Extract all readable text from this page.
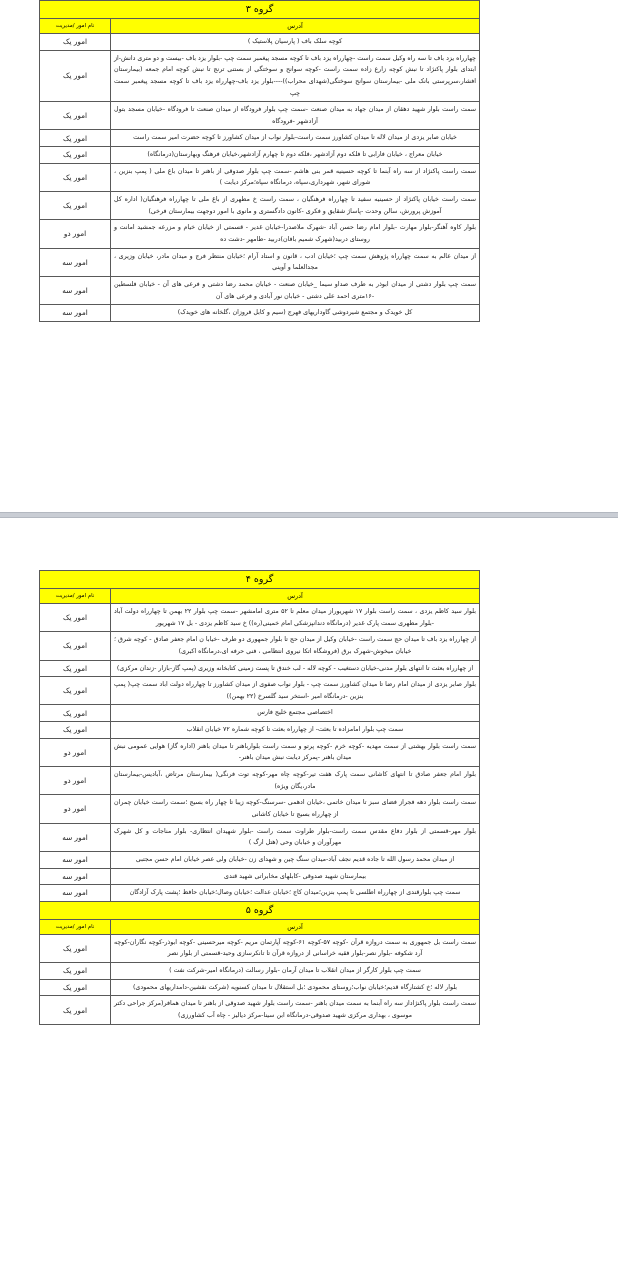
گروه ۳	
آدرس	نام امور /مدیریت
کوچه سلک باف ( پارسیان پلاستیک )	امور یک
چهارراه یزد باف تا سه راه وکیل سمت راست -چهارراه یزد باف تا کوچه مسجد پیغمبر سمت چپ -بلوار یزد باف -بیست و دو متری دانش-از ابتدای بلوار پاکنژاد تا نبش کوچه زارع زاده سمت راست -کوچه سوانح و سوختگی از بستنی ترنج تا نبش کوچه امام جمعه (بیمارستان افشار،سرپرستی بانک ملی -بیمارستان سوانح سوختگی(شهدای محراب))----بلوار یزد باف-چهارراه یزد باف تا کوچه مسجد پیغمبر سمت چپ	امور یک
سمت راست بلوار شهید دهقان از میدان جهاد به میدان صنعت -سمت چپ بلوار فرودگاه از میدان صنعت تا فرودگاه -خیابان مسجد بتول آزادشهر -فرودگاه	امور یک
خیابان صابر یزدی از میدان لاله تا میدان کشاورز سمت راست-بلوار نواب از میدان کشاورز تا کوچه حضرت امیر سمت راست	امور یک
خیابان معراج ، خیابان فارابی تا فلکه دوم آزادشهر ،فلکه دوم تا چهارم آزادشهر،خیابان فرهنگ وبهارستان(درمانگاه)	امور یک
سمت راست پاکنژاد از سه راه آبنما تا کوچه حسینیه قمر بنی هاشم -سمت چپ بلوار صدوقی از باهنر تا میدان باغ ملی ( پمپ بنزین ، شورای شهر، شهرداری،سپاه، درمانگاه سپاه؛مرکز دیابت )	امور یک
سمت راست خیابان پاکنژاد از حسینیه سفید تا چهارراه فرهنگیان ، سمت راست خ مطهری از باغ ملی تا چهارراه فرهنگیان( اداره کل آموزش پرورش، سالن وحدت -پاساژ شقایق و فکری -کانون دادگستری و مانوی با امور دوجهت بیمارستان فرخی)	امور یک
بلوار کاوه آهنگر-بلوار مهارت -بلوار امام رضا حسن آباد -شهرک ملاصدرا-خیابان غدیر - قسمتی از خیابان خیام و مزرعه جمشید امانت و روستای دربید(شهرک شمیم بافان)دربید -طامهر -دشت ده	امور دو
از میدان عالم به سمت چهارراه پژوهش سمت چپ ؛خیابان ادب ، قانون و استاد آرام ؛خیابان منتظر فرج و میدان مادر، خیابان وزیری ، مجدالعلما و آوینی	امور سه
سمت چپ بلوار دشتی از میدان ابوذر به طرف صداو سیما _خیابان صنعت - خیابان محمد رضا دشتی و فرعی های آن - خیابان فلسطین -۱۶متری احمد علی دشتی - خیابان نور آبادی و فرعی های آن	امور سه
کل خویدک و مجتمع شیردوشی گاوداریهای فهرج (سیم و کابل فروزان ،گلخانه های خویدک)	امور سه
گروه ۴	
آدرس	نام امور /مدیریت
بلوار سید کاظم یزدی ، سمت راست بلوار ۱۷ شهریوراز میدان معلم تا ۵۲ متری امامشهر -سمت چپ بلوار ۲۲ بهمن تا چهارراه دولت آباد -بلوار مطهری سمت پارک غدیر (درمانگاه دندانپزشکی امام خمینی(ره)) خ سید کاظم یزدی - بل ۱۷ شهریور	امور یک
از چهارراه یزد باف تا میدان حج سمت راست -خیابان وکیل از میدان حج تا بلوار جمهوری دو طرف -خیابا ن امام جعفر صادق - کوچه شرق ؛خیابان میخوش-شهرک برق (فروشگاه اتکا نیروی انتظامی ، فنی حرفه ای،درمانگاه اکبری)	امور یک
از چهارراه بعثت تا انتهای بلوار مدنی-خیابان دستغیب - کوچه لاله - لب خندق تا پست زمینی کتابخانه وزیری (پمپ گاز-بازار -زندان مرکزی)	امور یک
بلوار صابر یزدی از میدان امام رضا تا میدان کشاورز سمت چپ - بلوار نواب صفوی از میدان کشاورز تا چهارراه دولت اباد سمت چپ( پمپ بنزین -درمانگاه امیر -استخر سید گلسرخ (۲۲ بهمن))	امور یک
اختصاصی مجتمع خلیج فارس	امور یک
سمت چپ بلوار امامزاده تا بعثت- از چهارراه بعثت تا کوچه شماره ۷۲ خیابان انقلاب	امور یک
سمت راست بلوار بهشتی از سمت مهدیه -کوچه خرم -کوچه پرتو و سمت راست بلوارباهنر تا میدان باهنر (اداره گاز) هوایی عمومی نبش میدان باهنر -پمرکز دیابت نبش میدان باهنر-	امور دو
بلوار امام جعفر صادق تا انتهای کاشانی سمت پارک هفت تیر-کوچه چاه مهر-کوچه توت فرنگی( بیمارستان مرتاض ،آبادیس-بیمارستان مادر،یگان ویژه)	امور دو
سمت راست بلوار دهه فجراز فضای سبز تا میدان خاتمی ،خیابان ادهمی -سرسنگ-کوچه زیبا تا چهار راه بسیج ؛سمت راست خیابان چمران از چهارراه بسیج تا خیابان کاشانی	امور دو
بلوار مهر-قسمتی از بلوار دفاع مقدس سمت راست-بلوار طراوت سمت راست -بلوار شهیدان انتظاری- بلوار مناجات و کل شهرک مهرآوران و خیابان وحی (هتل ارگ )	امور سه
از میدان محمد رسول الله تا جاده قدیم نجف آباد-میدان سنگ چین و شهدای زن -خیابان ولی عصر خیابان امام حسن مجتبی	امور سه
بیمارستان شهید صدوقی -کابلهای مخابراتی شهید قندی	امور سه
سمت چپ بلوارقندی از چهارراه اطلسی تا پمپ بنزین؛میدان کاج ؛خیابان عدالت ؛خیابان وصال؛خیابان حافظ ؛پشت پارک آزادگان	امور سه
گروه ۵	
آدرس	نام امور /مدیریت
سمت راست بل جمهوری به سمت دروازه قرآن -کوچه ۵۷-کوچه ۶۱-کوچه آپارتمان مریم -کوچه میرحسینی -کوچه ابوذر-کوچه نگاران-کوچه آرد شکوفه -بلوار نصر-بلوار فقیه خراسانی از دروازه قرآن تا تانکرسازی وحید-قسمتی از بلوار نصر	امور یک
سمت چپ بلوار کارگر از میدان انقلاب تا میدان آرمان -بلوار رسالت (درمانگاه امیر-شرکت نفت )	امور یک
بلوار لاله ؛خ کشتارگاه قدیم؛خیابان نواب؛روستای محمودی ؛بل استقلال تا میدان کسنویه (شرکت نقشین-دامداریهای محمودی)	امور یک
سمت راست بلوار پاکنژاداز سه راه آبنما به سمت میدان باهنر -سمت راست بلوار شهید صدوقی از باهنر تا میدان همافر(مرکز جراحی دکتر موسوی ، بهداری مرکزی شهید صدوقی-درمانگاه ابن سینا-مرکز دیالیز - چاه آب کشاورزی)	امور یک
